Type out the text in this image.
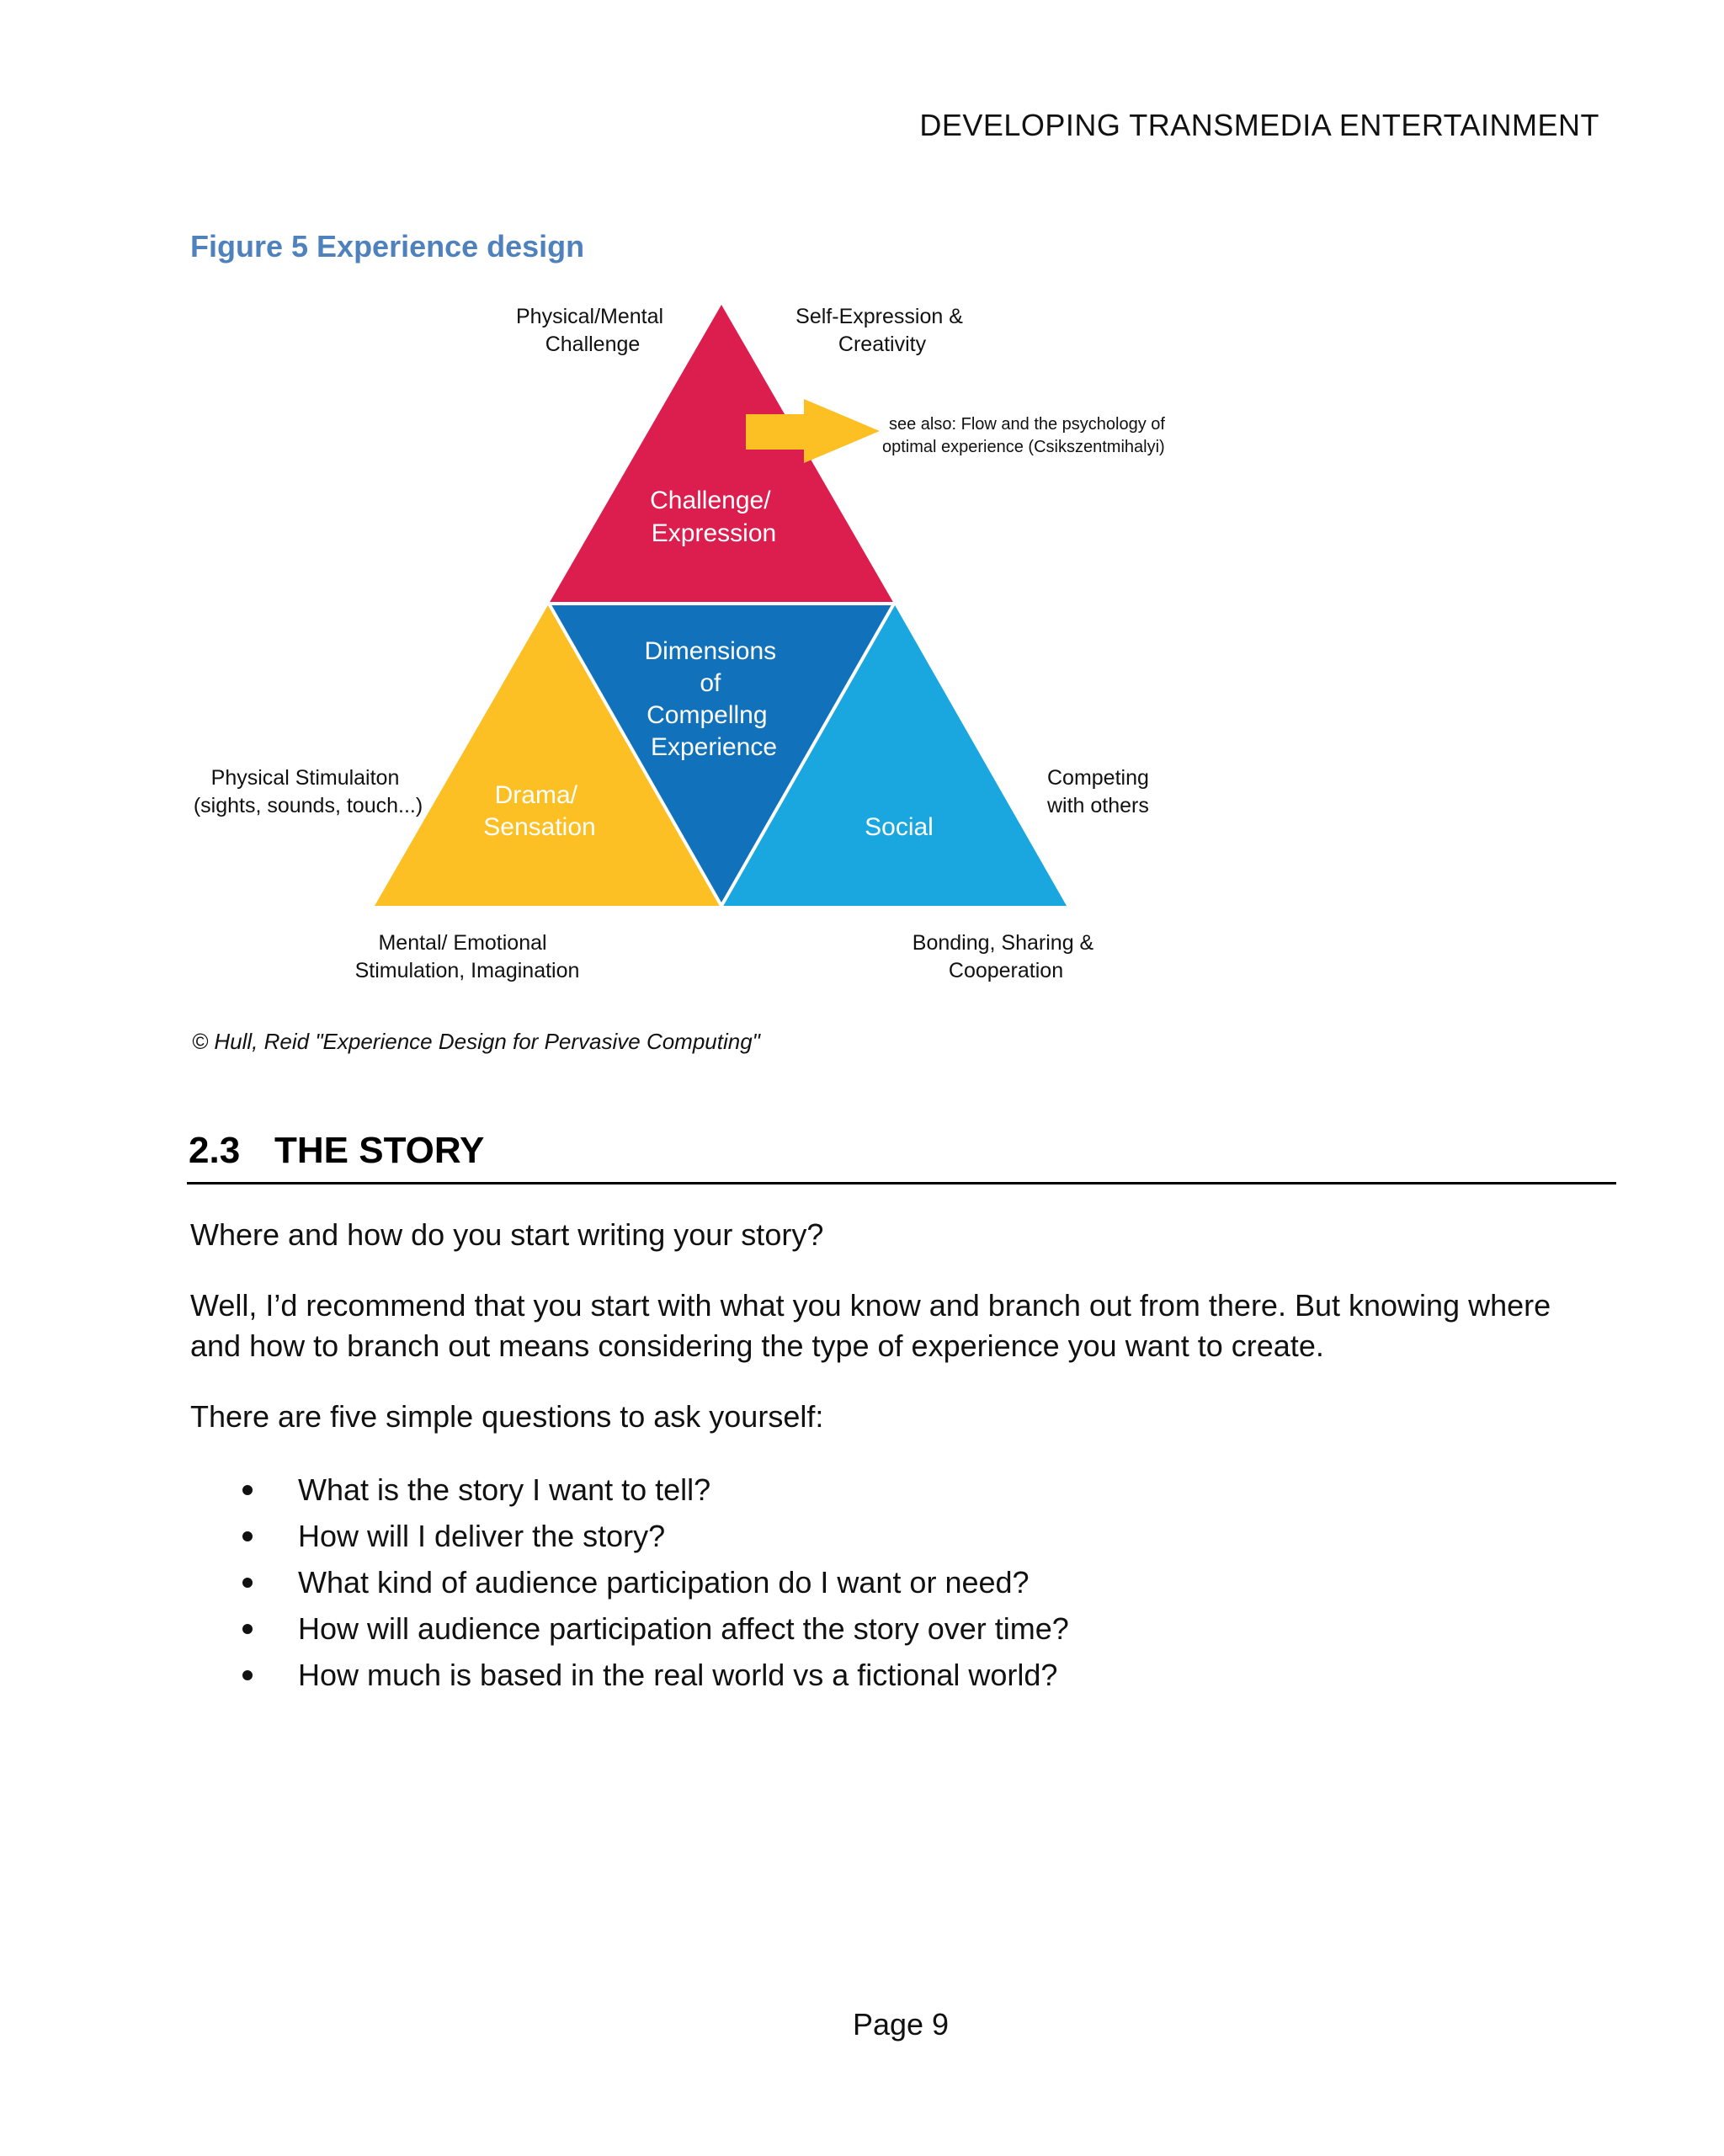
DEVELOPING TRANSMEDIA ENTERTAINMENT
Figure 5 Experience design
Challenge/ Expression
Dimensions of Compellng Experience
Drama/ Sensation	Social
Physical/Mental Challenge
Self-Expression & Creativity
see also: Flow and the psychology of optimal experience (Csikszentmihalyi)
Physical Stimulaiton (sights, sounds, touch...)
Competing with others
Mental/ Emotional Stimulation, Imagination
Bonding, Sharing & Cooperation
© Hull, Reid "Experience Design for Pervasive Computing"
2.3 THE STORY
Where and how do you start writing your story?
Well, I’d recommend that you start with what you know and branch out from there. But knowing where and how to branch out means considering the type of experience you want to create.
There are five simple questions to ask yourself:
What is the story I want to tell?
How will I deliver the story?
What kind of audience participation do I want or need?
How will audience participation affect the story over time?
How much is based in the real world vs a fictional world?
Page 9
